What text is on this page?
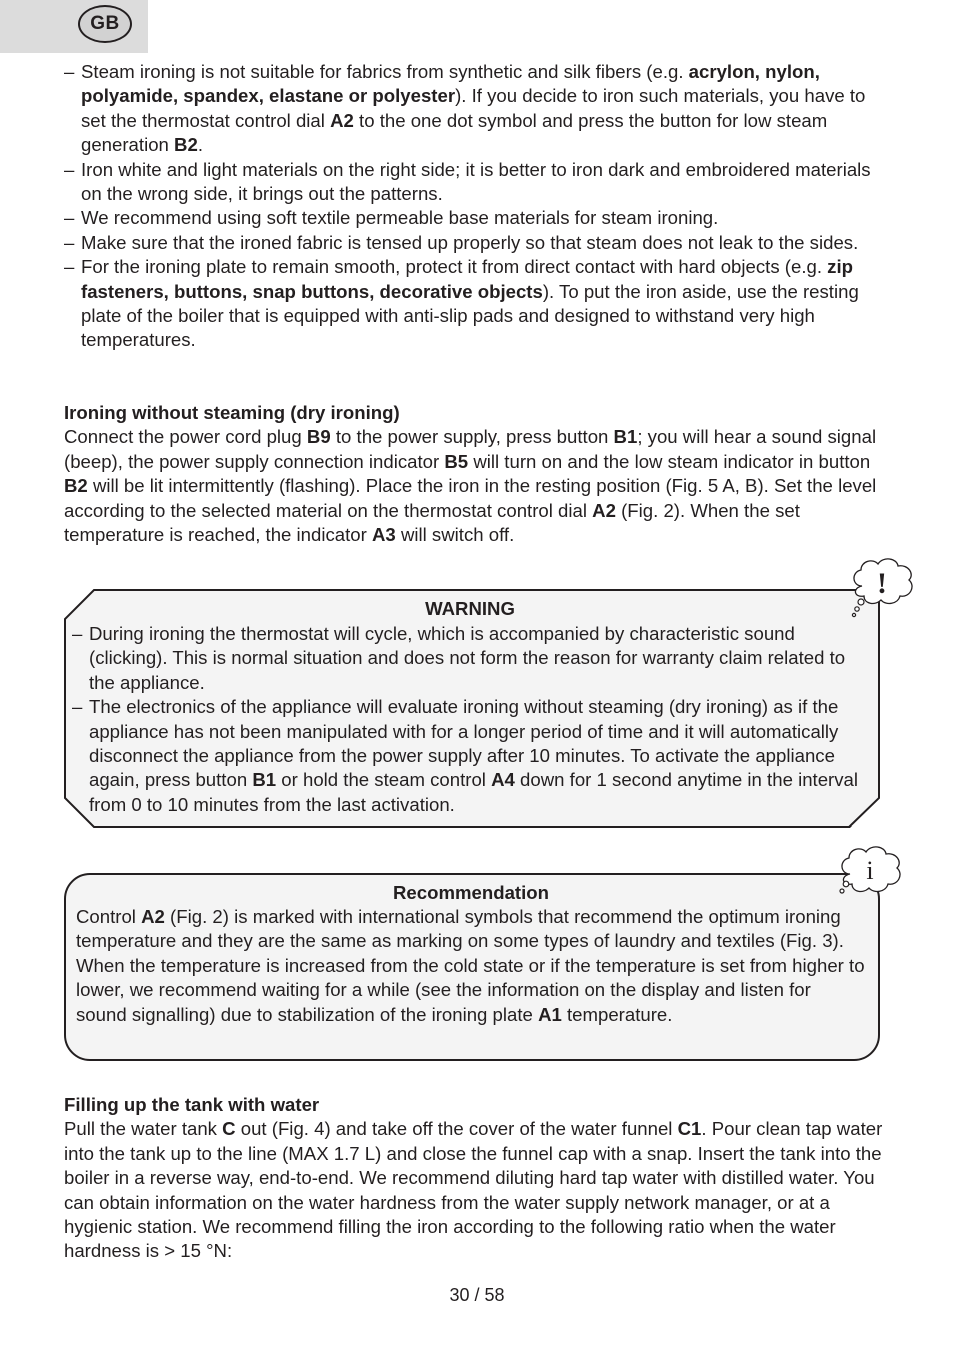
GB
– Steam ironing is not suitable for fabrics from synthetic and silk fibers (e.g. acrylon, nylon, polyamide, spandex, elastane or polyester). If you decide to iron such materials, you have to set the thermostat control dial A2 to the one dot symbol and press the button for low steam generation B2.
– Iron white and light materials on the right side; it is better to iron dark and embroidered materials on the wrong side, it brings out the patterns.
– We recommend using soft textile permeable base materials for steam ironing.
– Make sure that the ironed fabric is tensed up properly so that steam does not leak to the sides.
– For the ironing plate to remain smooth, protect it from direct contact with hard objects (e.g. zip fasteners, buttons, snap buttons, decorative objects). To put the iron aside, use the resting plate of the boiler that is equipped with anti-slip pads and designed to withstand very high temperatures.

Ironing without steaming (dry ironing)

Connect the power cord plug B9 to the power supply, press button B1; you will hear a sound signal (beep), the power supply connection indicator B5 will turn on and the low steam indicator in button B2 will be lit intermittently (flashing). Place the iron in the resting position (Fig. 5 A, B). Set the level according to the selected material on the thermostat control dial A2 (Fig. 2). When the set temperature is reached, the indicator A3 will switch off.

WARNING
– During ironing the thermostat will cycle, which is accompanied by characteristic sound (clicking). This is normal situation and does not form the reason for warranty claim related to the appliance.
– The electronics of the appliance will evaluate ironing without steaming (dry ironing) as if the appliance has not been manipulated with for a longer period of time and it will automatically disconnect the appliance from the power supply after 10 minutes. To activate the appliance again, press button B1 or hold the steam control A4 down for 1 second anytime in the interval from 0 to 10 minutes from the last activation.
!
Recommendation
Control A2 (Fig. 2) is marked with international symbols that recommend the optimum ironing temperature and they are the same as marking on some types of laundry and textiles (Fig. 3). When the temperature is increased from the cold state or if the temperature is set from higher to lower, we recommend waiting for a while (see the information on the display and listen for sound signalling) due to stabilization of the ironing plate A1 temperature.
i

Filling up the tank with water

Pull the water tank C out (Fig. 4) and take off the cover of the water funnel C1. Pour clean tap water into the tank up to the line (MAX 1.7 L) and close the funnel cap with a snap. Insert the tank into the boiler in a reverse way, end-to-end. We recommend diluting hard tap water with distilled water. You can obtain information on the water hardness from the water supply network manager, or at a hygienic station. We recommend filling the iron according to the following ratio when the water hardness is > 15 °N:

30 / 58
